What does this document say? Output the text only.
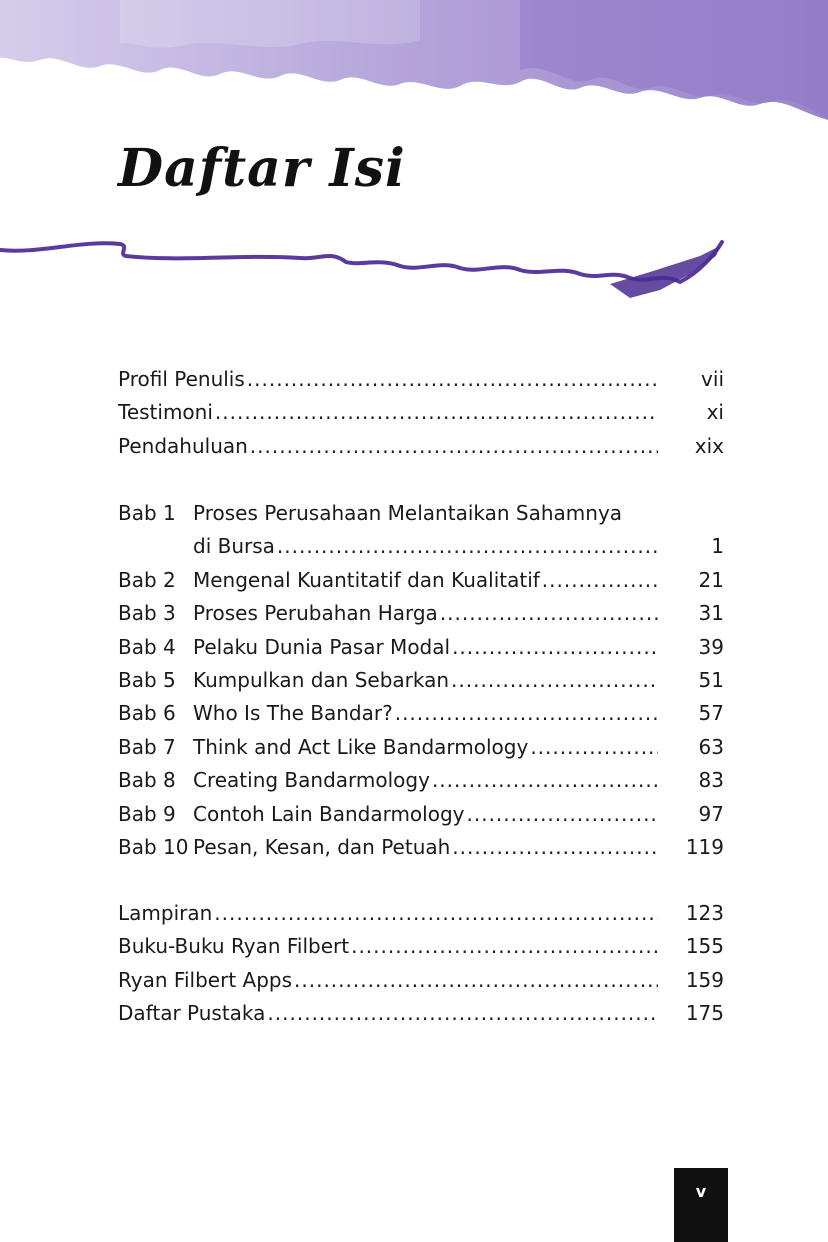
Daftar Isi
Profil Penulis .....	vii
Testimoni .....	xi
Pendahuluan .....	xix
Bab 1 Proses Perusahaan Melantaikan Sahamnya
di Bursa .....	1
Bab 2 Mengenal Kuantitatif dan Kualitatif .....	21
Bab 3 Proses Perubahan Harga .....	31
Bab 4 Pelaku Dunia Pasar Modal .....	39
Bab 5 Kumpulkan dan Sebarkan .....	51
Bab 6 Who Is The Bandar? .....	57
Bab 7 Think and Act Like Bandarmology .....	63
Bab 8 Creating Bandarmology .....	83
Bab 9 Contoh Lain Bandarmology .....	97
Bab 10 Pesan, Kesan, dan Petuah .....	119
Lampiran .....	123
Buku-Buku Ryan Filbert .....	155
Ryan Filbert Apps .....	159
Daftar Pustaka .....	175
v
